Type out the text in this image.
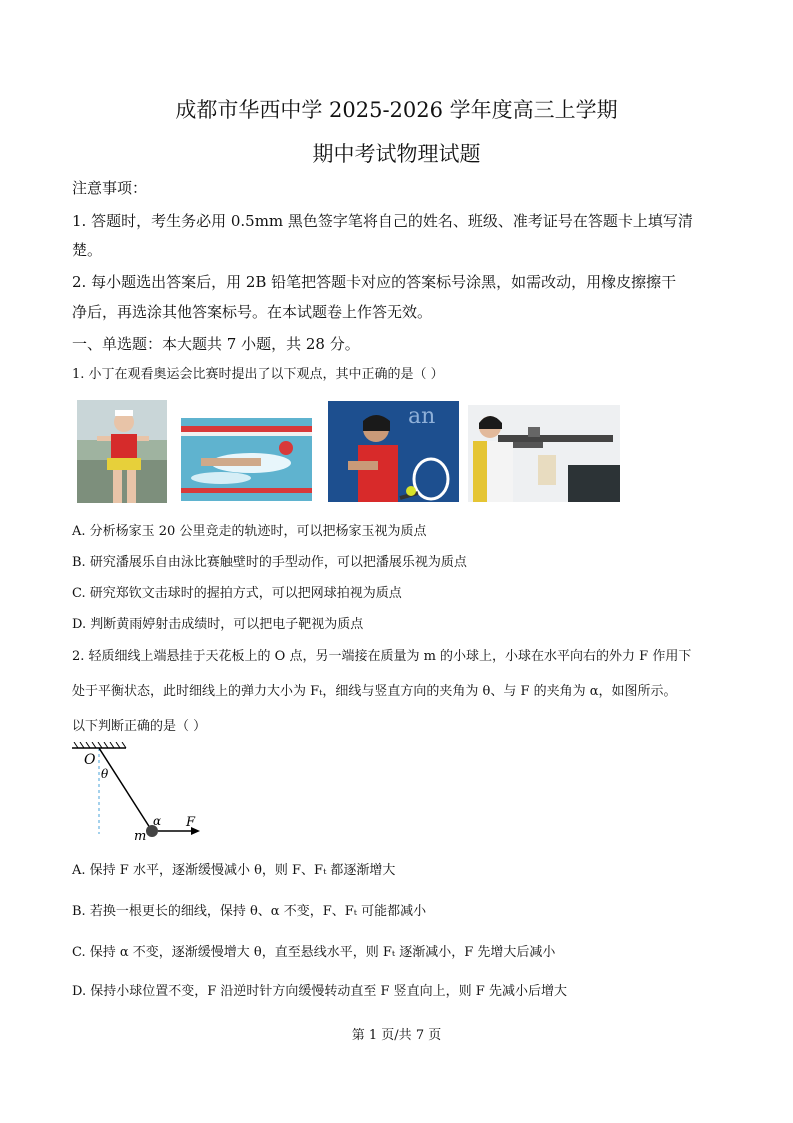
成都市华西中学 2025-2026 学年度高三上学期
期中考试物理试题
注意事项：
1. 答题时，考生务必用 0.5mm 黑色签字笔将自己的姓名、班级、准考证号在答题卡上填写清
楚。
2. 每小题选出答案后，用 2B 铅笔把答题卡对应的答案标号涂黑，如需改动，用橡皮擦擦干
净后，再选涂其他答案标号。在本试题卷上作答无效。
一、单选题：本大题共 7 小题，共 28 分。
1. 小丁在观看奥运会比赛时提出了以下观点，其中正确的是（ ）
an
A. 分析杨家玉 20 公里竞走的轨迹时，可以把杨家玉视为质点
B. 研究潘展乐自由泳比赛触壁时的手型动作，可以把潘展乐视为质点
C. 研究郑钦文击球时的握拍方式，可以把网球拍视为质点
D. 判断黄雨婷射击成绩时，可以把电子靶视为质点
2. 轻质细线上端悬挂于天花板上的 O 点，另一端接在质量为 m 的小球上，小球在水平向右的外力 F 作用下
处于平衡状态，此时细线上的弹力大小为 Fₜ，细线与竖直方向的夹角为 θ、与 F 的夹角为 α，如图所示。
以下判断正确的是（ ）
O
θ
α
m
F
A. 保持 F 水平，逐渐缓慢减小 θ，则 F、Fₜ 都逐渐增大
B. 若换一根更长的细线，保持 θ、α 不变，F、Fₜ 可能都减小
C. 保持 α 不变，逐渐缓慢增大 θ，直至悬线水平，则 Fₜ 逐渐减小，F 先增大后减小
D. 保持小球位置不变，F 沿逆时针方向缓慢转动直至 F 竖直向上，则 F 先减小后增大
第 1 页/共 7 页
